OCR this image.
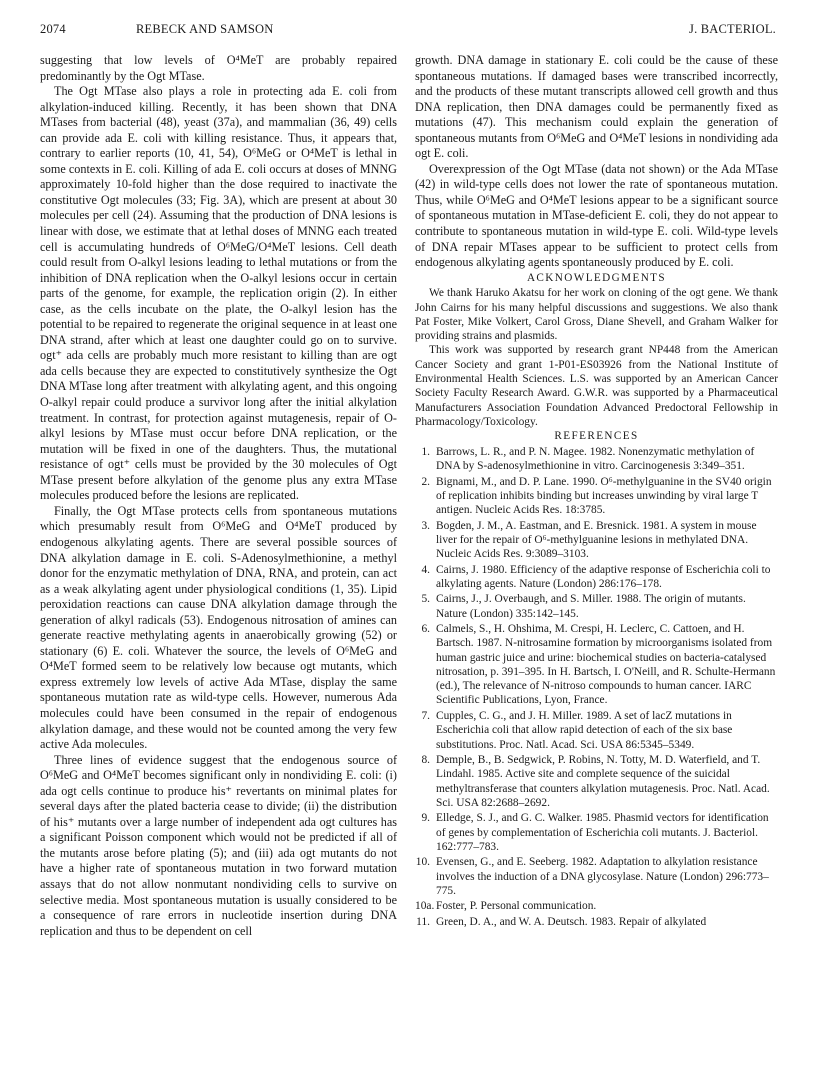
2074	REBECK AND SAMSON	J. BACTERIOL.

suggesting that low levels of O⁴MeT are probably repaired predominantly by the Ogt MTase.

The Ogt MTase also plays a role in protecting ada E. coli from alkylation-induced killing. Recently, it has been shown that DNA MTases from bacterial (48), yeast (37a), and mammalian (36, 49) cells can provide ada E. coli with killing resistance. Thus, it appears that, contrary to earlier reports (10, 41, 54), O⁶MeG or O⁴MeT is lethal in some contexts in E. coli. Killing of ada E. coli occurs at doses of MNNG approximately 10-fold higher than the dose required to inactivate the constitutive Ogt molecules (33; Fig. 3A), which are present at about 30 molecules per cell (24). Assuming that the production of DNA lesions is linear with dose, we estimate that at lethal doses of MNNG each treated cell is accumulating hundreds of O⁶MeG/O⁴MeT lesions. Cell death could result from O-alkyl lesions leading to lethal mutations or from the inhibition of DNA replication when the O-alkyl lesions occur in certain parts of the genome, for example, the replication origin (2). In either case, as the cells incubate on the plate, the O-alkyl lesion has the potential to be repaired to regenerate the original sequence in at least one DNA strand, after which at least one daughter could go on to survive. ogt⁺ ada cells are probably much more resistant to killing than are ogt ada cells because they are expected to constitutively synthesize the Ogt DNA MTase long after treatment with alkylating agent, and this ongoing O-alkyl repair could produce a survivor long after the initial alkylation treatment. In contrast, for protection against mutagenesis, repair of O-alkyl lesions by MTase must occur before DNA replication, or the mutation will be fixed in one of the daughters. Thus, the mutational resistance of ogt⁺ cells must be provided by the 30 molecules of Ogt MTase present before alkylation of the genome plus any extra MTase molecules produced before the lesions are replicated.

Finally, the Ogt MTase protects cells from spontaneous mutations which presumably result from O⁶MeG and O⁴MeT produced by endogenous alkylating agents. There are several possible sources of DNA alkylation damage in E. coli. S-Adenosylmethionine, a methyl donor for the enzymatic methylation of DNA, RNA, and protein, can act as a weak alkylating agent under physiological conditions (1, 35). Lipid peroxidation reactions can cause DNA alkylation damage through the generation of alkyl radicals (53). Endogenous nitrosation of amines can generate reactive methylating agents in anaerobically growing (52) or stationary (6) E. coli. Whatever the source, the levels of O⁶MeG and O⁴MeT formed seem to be relatively low because ogt mutants, which express extremely low levels of active Ada MTase, display the same spontaneous mutation rate as wild-type cells. However, numerous Ada molecules could have been consumed in the repair of endogenous alkylation damage, and these would not be counted among the very few active Ada molecules.

Three lines of evidence suggest that the endogenous source of O⁶MeG and O⁴MeT becomes significant only in nondividing E. coli: (i) ada ogt cells continue to produce his⁺ revertants on minimal plates for several days after the plated bacteria cease to divide; (ii) the distribution of his⁺ mutants over a large number of independent ada ogt cultures has a significant Poisson component which would not be predicted if all of the mutants arose before plating (5); and (iii) ada ogt mutants do not have a higher rate of spontaneous mutation in two forward mutation assays that do not allow nonmutant nondividing cells to survive on selective media. Most spontaneous mutation is usually considered to be a consequence of rare errors in nucleotide insertion during DNA replication and thus to be dependent on cell

growth. DNA damage in stationary E. coli could be the cause of these spontaneous mutations. If damaged bases were transcribed incorrectly, and the products of these mutant transcripts allowed cell growth and thus DNA replication, then DNA damages could be permanently fixed as mutations (47). This mechanism could explain the generation of spontaneous mutants from O⁶MeG and O⁴MeT lesions in nondividing ada ogt E. coli.

Overexpression of the Ogt MTase (data not shown) or the Ada MTase (42) in wild-type cells does not lower the rate of spontaneous mutation. Thus, while O⁶MeG and O⁴MeT lesions appear to be a significant source of spontaneous mutation in MTase-deficient E. coli, they do not appear to contribute to spontaneous mutation in wild-type E. coli. Wild-type levels of DNA repair MTases appear to be sufficient to protect cells from endogenous alkylating agents spontaneously produced by E. coli.

ACKNOWLEDGMENTS

We thank Haruko Akatsu for her work on cloning of the ogt gene. We thank John Cairns for his many helpful discussions and suggestions. We also thank Pat Foster, Mike Volkert, Carol Gross, Diane Shevell, and Graham Walker for providing strains and plasmids.

This work was supported by research grant NP448 from the American Cancer Society and grant 1-P01-ES03926 from the National Institute of Environmental Health Sciences. L.S. was supported by an American Cancer Society Faculty Research Award. G.W.R. was supported by a Pharmaceutical Manufacturers Association Foundation Advanced Predoctoral Fellowship in Pharmacology/Toxicology.

REFERENCES

1. Barrows, L. R., and P. N. Magee. 1982. Nonenzymatic methylation of DNA by S-adenosylmethionine in vitro. Carcinogenesis 3:349–351.
2. Bignami, M., and D. P. Lane. 1990. O⁶-methylguanine in the SV40 origin of replication inhibits binding but increases unwinding by viral large T antigen. Nucleic Acids Res. 18:3785.
3. Bogden, J. M., A. Eastman, and E. Bresnick. 1981. A system in mouse liver for the repair of O⁶-methylguanine lesions in methylated DNA. Nucleic Acids Res. 9:3089–3103.
4. Cairns, J. 1980. Efficiency of the adaptive response of Escherichia coli to alkylating agents. Nature (London) 286:176–178.
5. Cairns, J., J. Overbaugh, and S. Miller. 1988. The origin of mutants. Nature (London) 335:142–145.
6. Calmels, S., H. Ohshima, M. Crespi, H. Leclerc, C. Cattoen, and H. Bartsch. 1987. N-nitrosamine formation by microorganisms isolated from human gastric juice and urine: biochemical studies on bacteria-catalysed nitrosation, p. 391–395. In H. Bartsch, I. O'Neill, and R. Schulte-Hermann (ed.), The relevance of N-nitroso compounds to human cancer. IARC Scientific Publications, Lyon, France.
7. Cupples, C. G., and J. H. Miller. 1989. A set of lacZ mutations in Escherichia coli that allow rapid detection of each of the six base substitutions. Proc. Natl. Acad. Sci. USA 86:5345–5349.
8. Demple, B., B. Sedgwick, P. Robins, N. Totty, M. D. Waterfield, and T. Lindahl. 1985. Active site and complete sequence of the suicidal methyltransferase that counters alkylation mutagenesis. Proc. Natl. Acad. Sci. USA 82:2688–2692.
9. Elledge, S. J., and G. C. Walker. 1985. Phasmid vectors for identification of genes by complementation of Escherichia coli mutants. J. Bacteriol. 162:777–783.
10. Evensen, G., and E. Seeberg. 1982. Adaptation to alkylation resistance involves the induction of a DNA glycosylase. Nature (London) 296:773–775.
10a. Foster, P. Personal communication.
11. Green, D. A., and W. A. Deutsch. 1983. Repair of alkylated
